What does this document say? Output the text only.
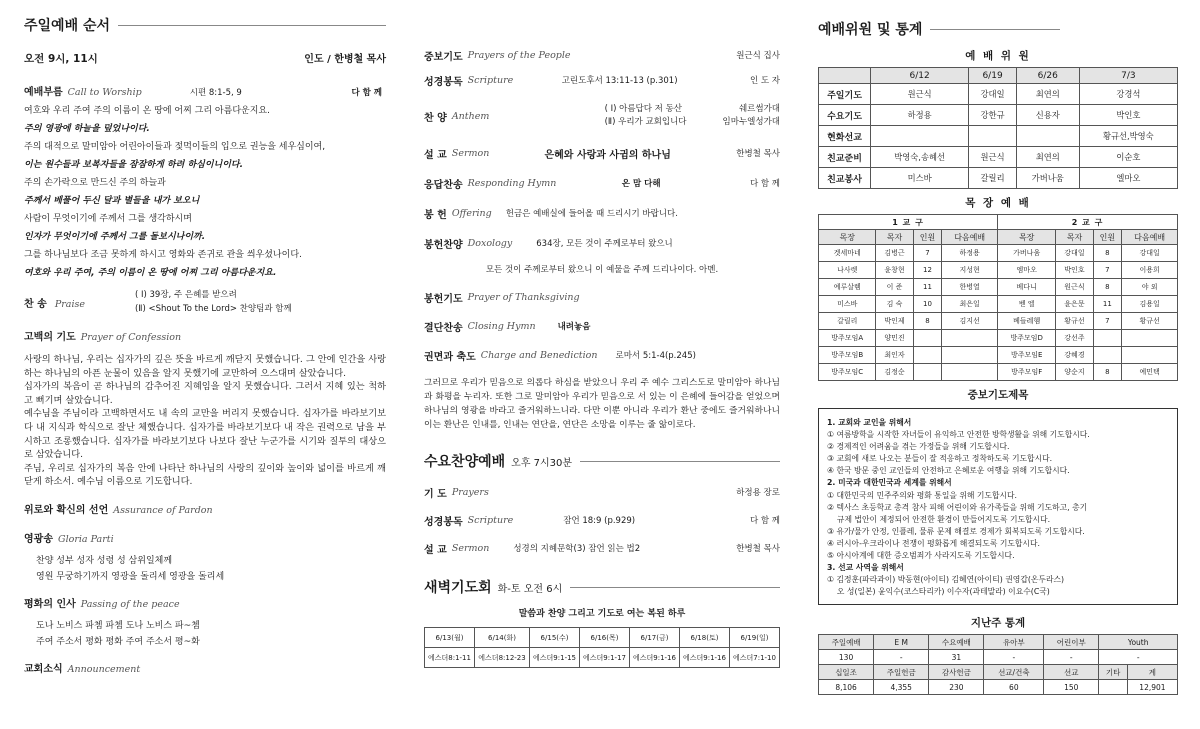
주일예배 순서
오전 9시, 11시	인도 / 한병철 목사
예배부름 Call to Worship	시편 8:1-5, 9	다 함 께
여호와 우리 주여 주의 이름이 온 땅에 어찌 그리 아름다운지요.
주의 영광에 하늘을 덮었나이다.
주의 대적으로 말미암아 어린아이들과 젖먹이들의 입으로 권능을 세우심이여,
이는 원수들과 보복자들을 잠잠하게 하려 하심이니이다.
주의 손가락으로 만드신 주의 하늘과
주께서 베풀어 두신 달과 별들을 내가 보오니
사람이 무엇이기에 주께서 그를 생각하시며
인자가 무엇이기에 주께서 그를 돌보시나이까.
그를 하나님보다 조금 못하게 하시고 영화와 존귀로 관을 씌우셨나이다.
여호와 우리 주여, 주의 이름이 온 땅에 어찌 그리 아름다운지요.
찬 송 Praise
( Ⅰ) 39장, 주 은혜를 받으려
(Ⅱ) <Shout To the Lord> 찬양팀과 함께
고백의 기도 Prayer of Confession
사랑의 하나님, 우리는 십자가의 깊은 뜻을 바르게 깨닫지 못했습니다. 그 안에 인간을 사랑하는 하나님의 아픈 눈물이 있음을 알지 못했기에 교만하여 으스대며 살았습니다.
십자가의 복음이 곧 하나님의 감추어진 지혜임을 알지 못했습니다. 그러서 지혜 있는 척하고 뻐기며 살았습니다.
예수님을 주님이라 고백하면서도 내 속의 교만을 버리지 못했습니다. 십자가를 바라보기보다 내 지식과 학식으로 잘난 체했습니다. 십자가를 바라보기보다 내 작은 권력으로 남을 부시하고 조롱했습니다. 십자가를 바라보기보다 나보다 잘난 누군가를 시기와 질투의 대상으로 삼았습니다.
주님, 우리로 십자가의 복음 안에 나타난 하나님의 사랑의 깊이와 높이와 넓이를 바르게 깨닫게 하소서. 예수님 이름으로 기도합니다.
위로와 확신의 선언 Assurance of Pardon
영광송 Gloria Parti
찬양 성부 성자 성령 성 삼위일체께
영원 무궁하기까지 영광을 돌리세 영광을 돌리세
평화의 인사 Passing of the peace
도나 노비스 파쳄 파쳄 도나 노비스 파~쳄
주여 주소서 평화 평화 주여 주소서 평~화
교회소식 Announcement
중보기도 Prayers of the People	원근식 집사
성경봉독 Scripture	고린도후서 13:11-13 (p.301)	인 도 자
찬 양 Anthem
( Ⅰ) 아름답다 저 동산	쉐르썸가대
(Ⅱ) 우리가 교회입니다	임마누엘성가대
설 교 Sermon	은혜와 사랑과 사귐의 하나님	한병철 목사
응답찬송 Responding Hymn	온 맘 다해	다 함 께
봉 헌 Offering 헌금은 예배실에 들어올 때 드리시기 바랍니다.
봉헌찬양 Doxology	634장, 모든 것이 주께로부터 왔으니
모든 것이 주께로부터 왔으니 이 예물을 주께 드리나이다. 아멘.
봉헌기도 Prayer of Thanksgiving
결단찬송 Closing Hymn	내려놓음
권면과 축도 Charge and Benediction 로마서 5:1-4(p.245)
그러므로 우리가 믿음으로 의롭다 하심을 받았으니 우리 주 예수 그리스도로 말미암아 하나님과 화평을 누리자. 또한 그로 말미암아 우리가 믿음으로 서 있는 이 은혜에 들어감을 얻었으며 하나님의 영광을 바라고 즐거워하느니라. 다만 이뿐 아니라 우리가 환난 중에도 즐거워하나니 이는 환난은 인내를, 인내는 연단을, 연단은 소망을 이루는 줄 앎이로다.
수요찬양예배 오후 7시30분
기 도 Prayers	하정용 장로
성경봉독 Scripture	잠언 18:9 (p.929)	다 함 께
설 교 Sermon	성경의 지혜문학(3) 잠언 읽는 법2	한병철 목사
새벽기도회 화-토 오전 6시
말씀과 찬양 그리고 기도로 여는 복된 하루
6/13(월)	6/14(화)	6/15(수)	6/16(목)	6/17(금)	6/18(토)	6/19(일)
에스더8:1-11	에스더8:12-23	에스더9:1-15	에스더9:1-17	에스더9:1-16	에스더9:1-16	에스더7:1-10
예배위원 및 통계
예 배 위 원
	6/12	6/19	6/26	7/3
주일기도	원근식	강대일	최연의	강경석
수요기도	하정용	강한규	신용자	박인호
현화선교				황규선,박영숙
친교준비	박영숙,송혜선	원근식	최연의	이순호
친교봉사	미스바	갈릴리	가버나움	엘마오
목 장 예 배
1 교 구				2 교 구			
목장	목자	인원	다음예배	목장	목자	인원	다음예배
겟세마네	김병근	7	하정용	가버나움	강대일	8	강대일
나사렛	윤창현	12	지성현	엠마오	박인호	7	이용희
예루살렘	이 준	11	한병열	베다니	원근식	8	야 외
미스바	김 숙	10	최은일	벧 엘	윤은문	11	김용일
갈릴리	박인제	8	김지선	베들레헴	황규선	7	황규선
방주모임A	양민진			방주모임D	강선주		
방주모임B	최인자			방주모임E	강혜경		
방주모임C	김정순			방주모임F	양순지	8	예민택
중보기도제목
1. 교회와 교인을 위해서
① 여름방학을 시작한 자녀들이 유익하고 안전한 방학생활을 위해 기도합시다.
② 경제적인 어려움을 겪는 가정들을 위해 기도합시다.
③ 교회에 새로 나오는 분들이 잘 적응하고 정착하도록 기도합시다.
④ 한국 방문 중인 교인들의 안전하고 은혜로운 여행을 위해 기도합시다.
2. 미국과 대한민국과 세계를 위해서
① 대한민국의 민주주의와 평화 통일을 위해 기도합시다.
② 텍사스 초등학교 총격 참사 피해 어린이와 유가족들을 위해 기도하고, 총기
규제 법안이 제정되어 안전한 환경이 만들어지도록 기도합시다.
③ 유가/물가 안정, 인플레, 물류 문제 해결로 경제가 회복되도록 기도합시다.
④ 러시아-우크라이나 전쟁이 평화롭게 해결되도록 기도합시다.
⑤ 아시아계에 대한 증오범죄가 사라지도록 기도합시다.
3. 선교 사역을 위해서
① 김정훈(파라과이) 박동현(아이티) 김혜연(아이티) 권영갑(온두라스)
오 성(일본) 윤익수(코스타리카) 이수자(과테말라) 이요수(C국)
지난주 통계
주일예배	E M	수요예배	유아부	어린이부	Youth	
130	-	31	-	-	-	
십일조	주일헌금	감사헌금	선교/건축	선교	기타	계
8,106	4,355	230	60	150		12,901
